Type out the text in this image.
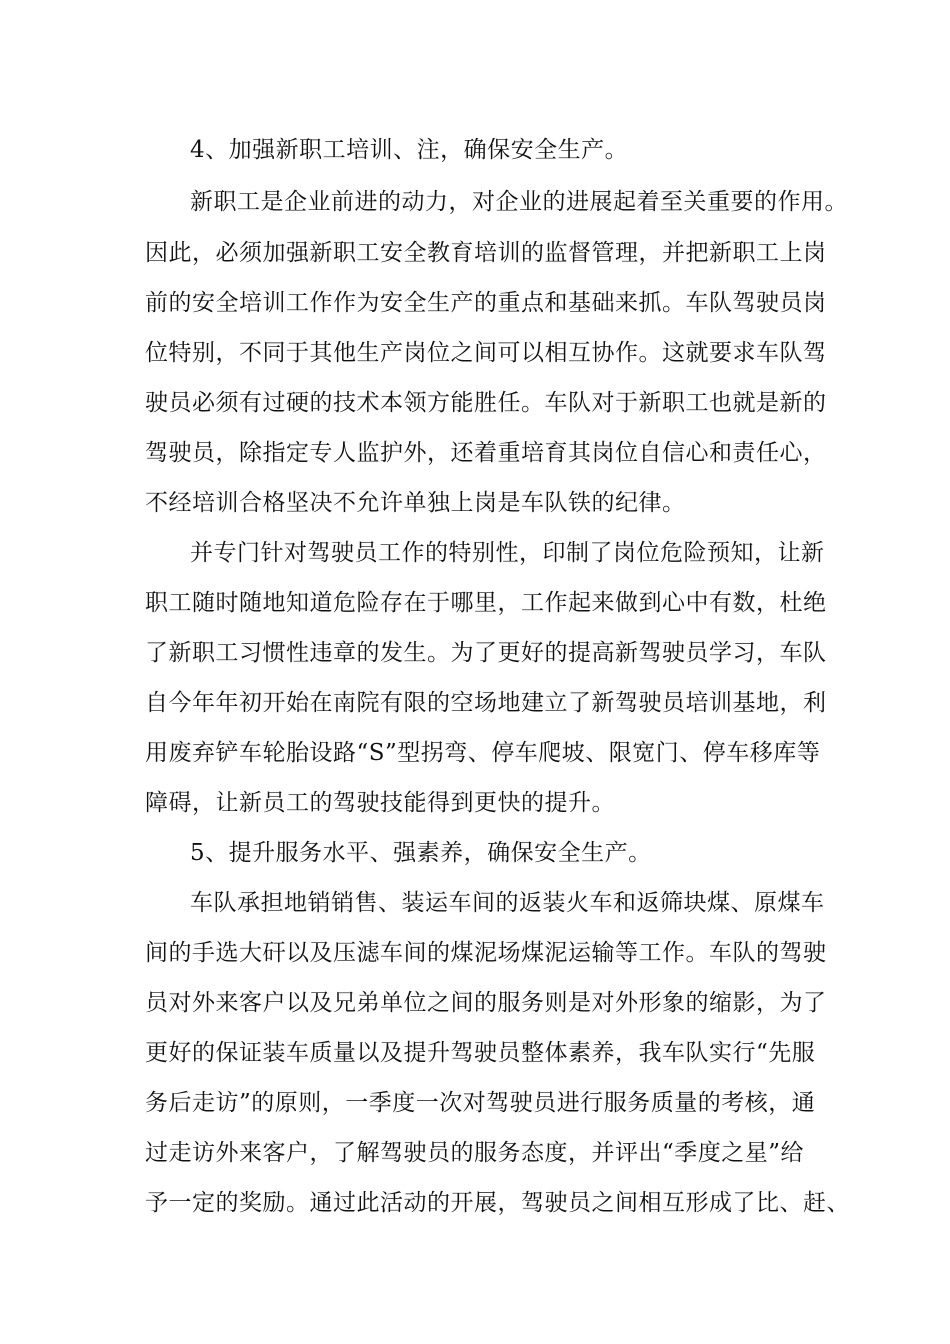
4、加强新职工培训、注，确保安全生产。
新职工是企业前进的动力，对企业的进展起着至关重要的作用。
因此，必须加强新职工安全教育培训的监督管理，并把新职工上岗
前的安全培训工作作为安全生产的重点和基础来抓。车队驾驶员岗
位特别，不同于其他生产岗位之间可以相互协作。这就要求车队驾
驶员必须有过硬的技术本领方能胜任。车队对于新职工也就是新的
驾驶员，除指定专人监护外，还着重培育其岗位自信心和责任心，
不经培训合格坚决不允许单独上岗是车队铁的纪律。
并专门针对驾驶员工作的特别性，印制了岗位危险预知，让新
职工随时随地知道危险存在于哪里，工作起来做到心中有数，杜绝
了新职工习惯性违章的发生。为了更好的提高新驾驶员学习，车队
自今年年初开始在南院有限的空场地建立了新驾驶员培训基地，利
用废弃铲车轮胎设路“S”型拐弯、停车爬坡、限宽门、停车移库等
障碍，让新员工的驾驶技能得到更快的提升。
5、提升服务水平、强素养，确保安全生产。
车队承担地销销售、装运车间的返装火车和返筛块煤、原煤车
间的手选大矸以及压滤车间的煤泥场煤泥运输等工作。车队的驾驶
员对外来客户以及兄弟单位之间的服务则是对外形象的缩影，为了
更好的保证装车质量以及提升驾驶员整体素养，我车队实行“先服
务后走访”的原则，一季度一次对驾驶员进行服务质量的考核，通
过走访外来客户，了解驾驶员的服务态度，并评出“季度之星”给
予一定的奖励。通过此活动的开展，驾驶员之间相互形成了比、赶、
